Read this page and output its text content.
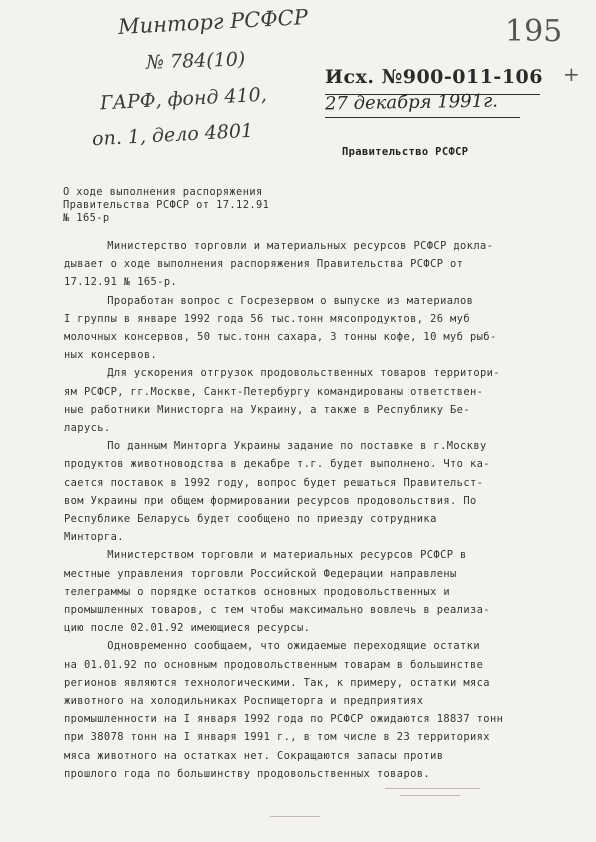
Минторг РСФСР
№ 784(10)
ГАРФ, фонд 410,
оп. 1, дело 4801
195
+
Исх. №900-011-106
27 декабря 1991г.
Правительство РСФСР
О ходе выполнения распоряжения
Правительства РСФСР от 17.12.91
№ 165-р
Министерство торговли и материальных ресурсов РСФСР докла-
дывает о ходе выполнения распоряжения Правительства РСФСР от
17.12.91 № 165-р.
Проработан вопрос с Госрезервом о выпуске из материалов
I группы в январе 1992 года 56 тыс.тонн мясопродуктов, 26 муб
молочных консервов, 50 тыс.тонн сахара, 3 тонны кофе, 10 муб рыб-
ных консервов.
Для ускорения отгрузок продовольственных товаров территори-
ям РСФСР, гг.Москве, Санкт-Петербургу командированы ответствен-
ные работники Министорга на Украину, а также в Республику Бе-
ларусь.
По данным Минторга Украины задание по поставке в г.Москву
продуктов животноводства в декабре т.г. будет выполнено. Что ка-
сается поставок в 1992 году, вопрос будет решаться Правительст-
вом Украины при общем формировании ресурсов продовольствия. По
Республике Беларусь будет сообщено по приезду сотрудника
Минторга.
Министерством торговли и материальных ресурсов РСФСР в
местные управления торговли Российской Федерации направлены
телеграммы о порядке остатков основных продовольственных и
промышленных товаров, с тем чтобы максимально вовлечь в реализа-
цию после 02.01.92 имеющиеся ресурсы.
Одновременно сообщаем, что ожидаемые переходящие остатки
на 01.01.92 по основным продовольственным товарам в большинстве
регионов являются технологическими. Так, к примеру, остатки мяса
животного на холодильниках Роспищеторга и предприятиях
промышленности на I января 1992 года по РСФСР ожидаются 18837 тонн
при 38078 тонн на I января 1991 г., в том числе в 23 территориях
мяса животного на остатках нет. Сокращаются запасы против
прошлого года по большинству продовольственных товаров.
